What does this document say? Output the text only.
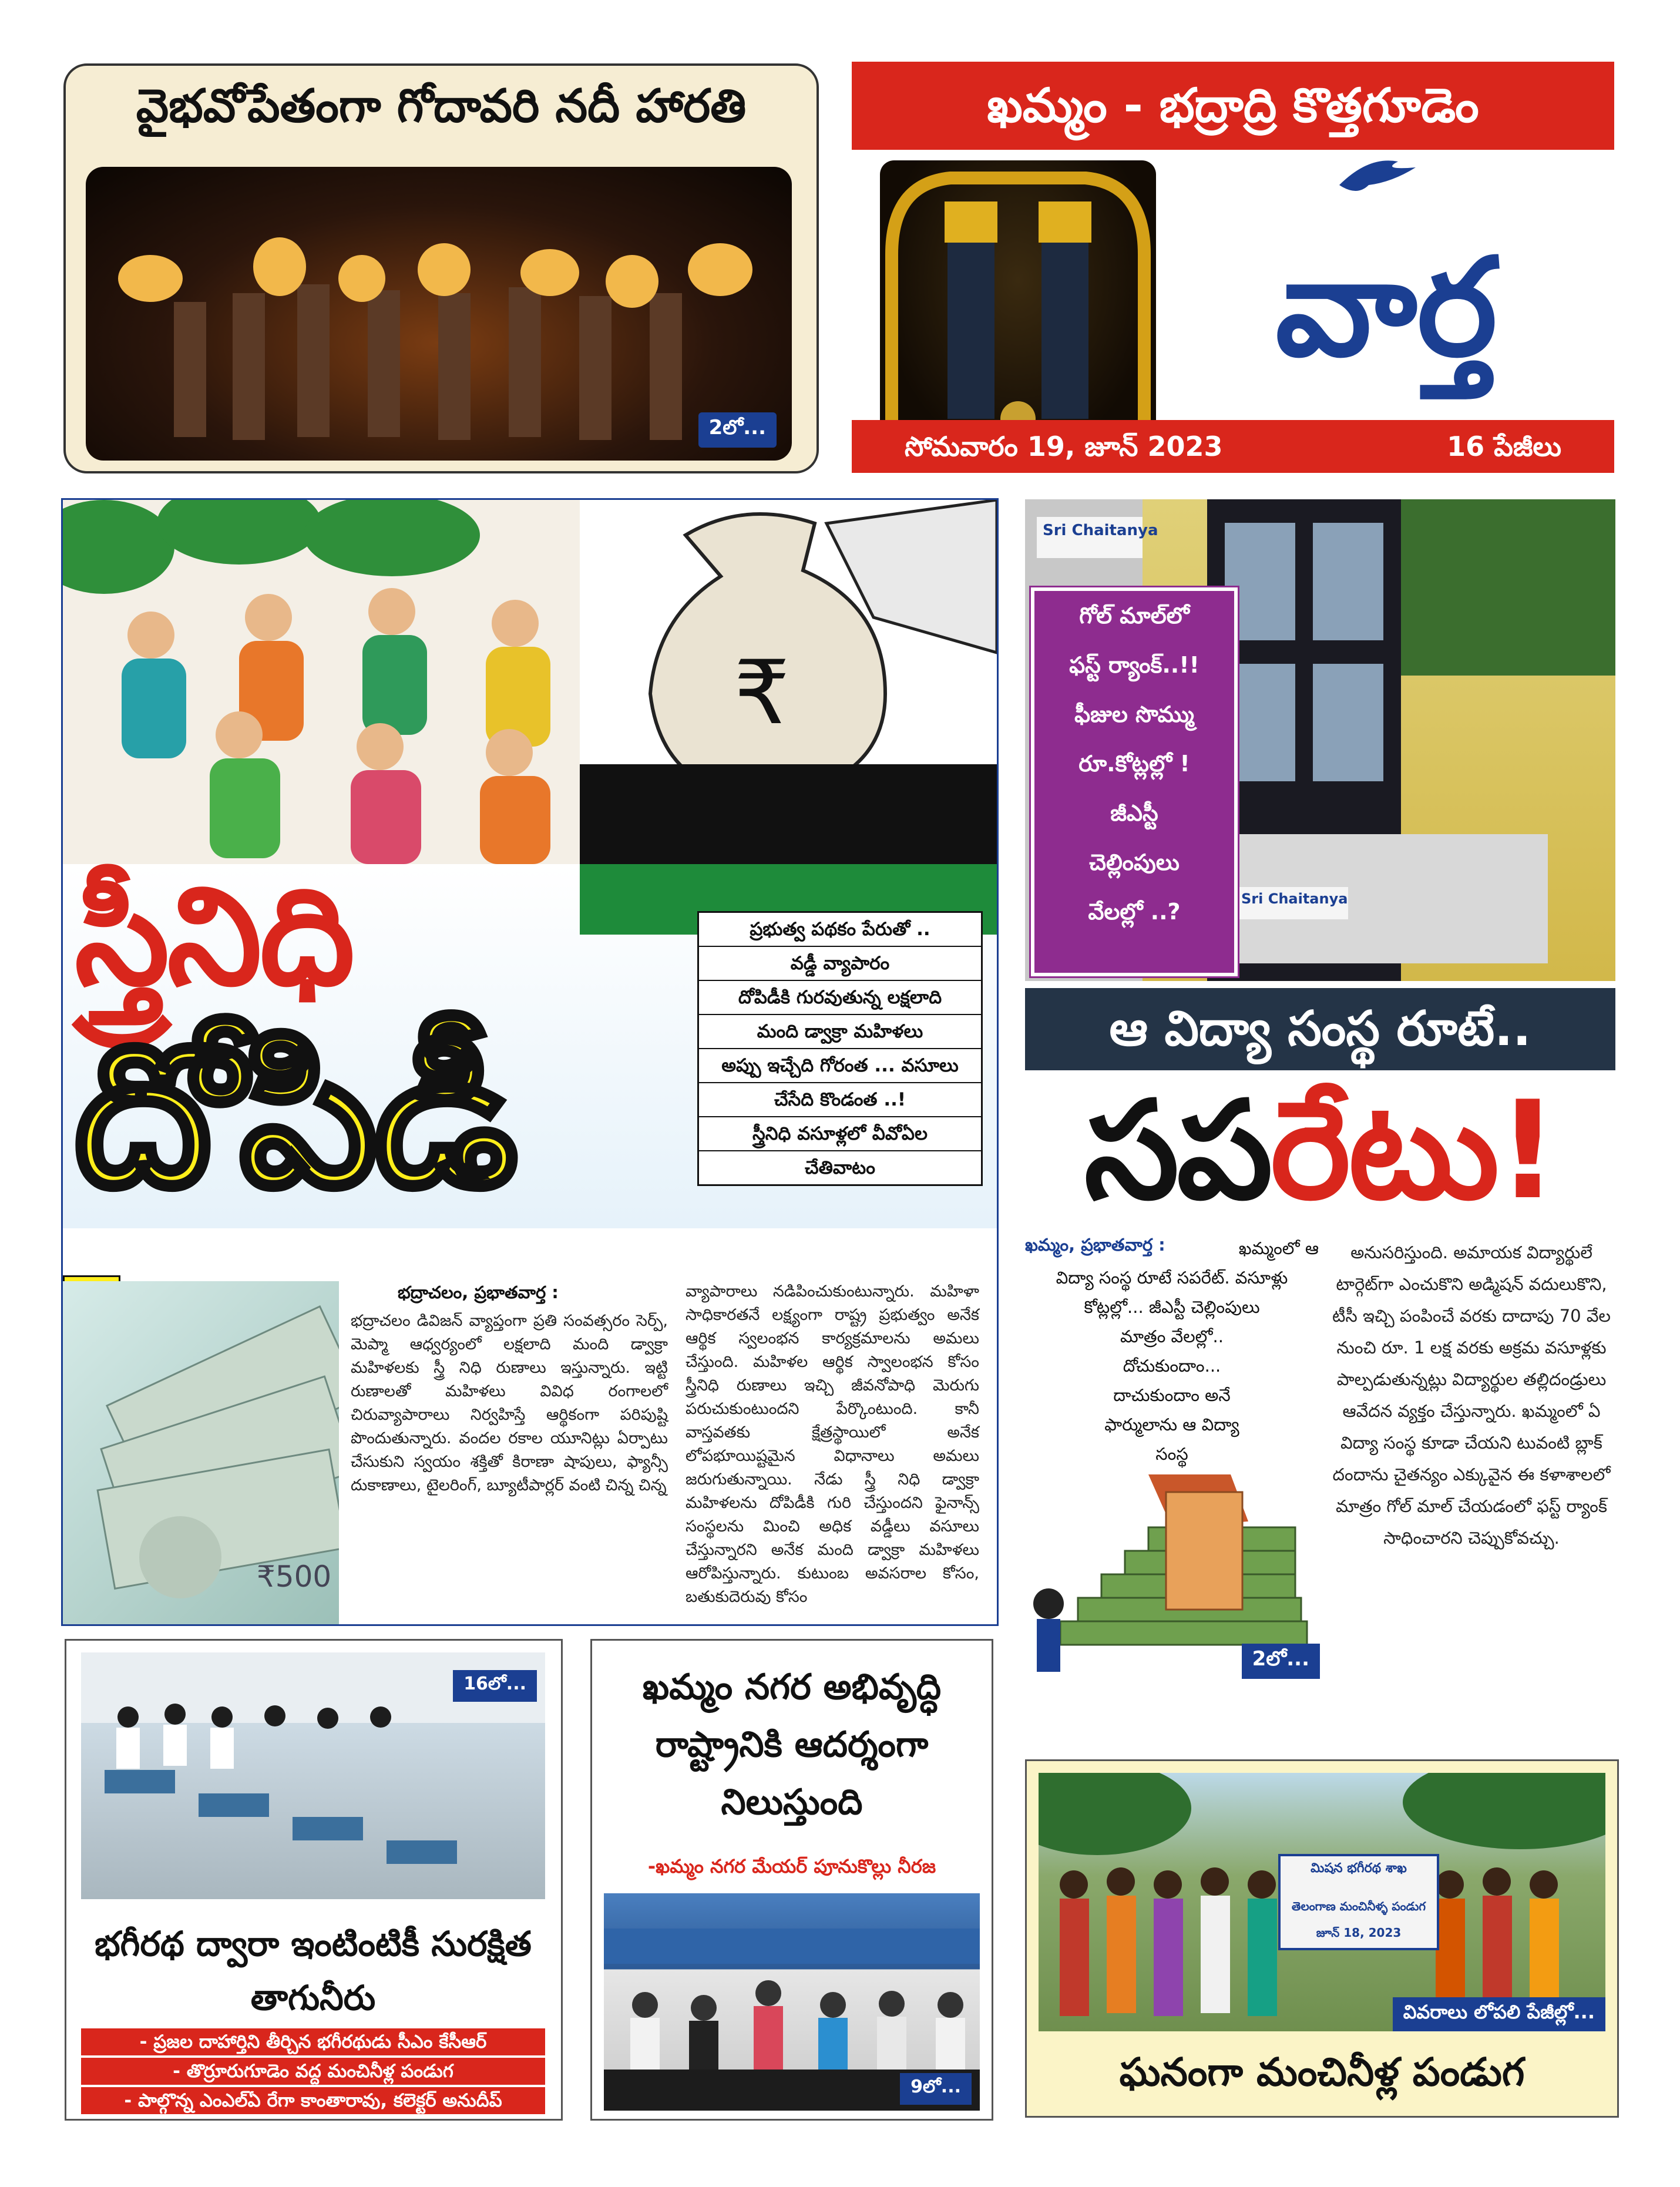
వైభవోపేతంగా గోదావరి నదీ హారతి
2లో...
ఖమ్మం - భద్రాద్రి కొత్తగూడెం
వార్త
సోమవారం 19, జూన్ 2023	16 పేజీలు
₹
స్త్రీనిధి
దోపిడీ
ప్రభుత్వ పథకం పేరుతో ..
వడ్డీ వ్యాపారం
దోపిడీకి గురవుతున్న లక్షలాది
మంది డ్వాక్రా మహిళలు
అప్పు ఇచ్చేది గోరంత ... వసూలు
చేసేది కొండంత ..!
స్త్రీనిధి వసూళ్లలో వీవోఏల
చేతివాటం
₹500
భద్రాచలం, ప్రభాతవార్త :
భద్రాచలం డివిజన్ వ్యాప్తంగా ప్రతి సంవత్సరం సెర్ప్, మెప్మా ఆధ్వర్యంలో లక్షలాది మంది డ్వాక్రా మహిళలకు స్త్రీ నిధి రుణాలు ఇస్తున్నారు. ఇట్టి రుణాలతో మహిళలు వివిధ రంగాలలో చిరువ్యాపారాలు నిర్వహిస్తే ఆర్థికంగా పరిపుష్టి పొందుతున్నారు. వందల రకాల యూనిట్లు ఏర్పాటు చేసుకుని స్వయం శక్తితో కిరాణా షాపులు, ఫ్యాన్సీ దుకాణాలు, టైలరింగ్, బ్యూటీపార్లర్ వంటి చిన్న చిన్న
వ్యాపారాలు నడిపించుకుంటున్నారు. మహిళా సాధికారతనే లక్ష్యంగా రాష్ట్ర ప్రభుత్వం అనేక ఆర్థిక స్వలంభన కార్యక్రమాలను అమలు చేస్తుంది. మహిళల ఆర్థిక స్వాలంభన కోసం స్త్రీనిధి రుణాలు ఇచ్చి జీవనోపాధి మెరుగు పరుచుకుంటుందని పేర్కొంటుంది. కానీ వాస్తవతకు క్షేత్రస్థాయిలో అనేక లోపభూయిష్టమైన విధానాలు అమలు జరుగుతున్నాయి. నేడు స్త్రీ నిధి డ్వాక్రా మహిళలను దోపిడీకి గురి చేస్తుందని ఫైనాన్స్ సంస్థలను మించి అధిక వడ్డీలు వసూలు చేస్తున్నారని అనేక మంది డ్వాక్రా మహిళలు ఆరోపిస్తున్నారు. కుటుంబ అవసరాల కోసం, బతుకుదెరువు కోసం
Sri Chaitanya
Sri Chaitanya
గోల్ మాల్‌లో
ఫస్ట్ ర్యాంక్..!!
ఫీజుల సొమ్ము
రూ.కోట్లల్లో !
జీఎస్టీ
చెల్లింపులు
వేలల్లో ..?
ఆ విద్యా సంస్థ రూటే..
సపరేటు!
ఖమ్మం, ప్రభాతవార్త :	ఖమ్మంలో ఆ
విద్యా సంస్థ రూటే సపరేట్. వసూళ్లు
కోట్లల్లో... జీఎస్టీ చెల్లింపులు
మాత్రం వేలల్లో..
దోచుకుందాం...
దాచుకుందాం అనే
ఫార్ములాను ఆ విద్యా
సంస్థ
2లో...
అనుసరిస్తుంది. అమాయక విద్యార్థులే టార్గెట్‌గా ఎంచుకొని అడ్మిషన్ వదులుకొని, టీసీ ఇచ్చి పంపించే వరకు దాదాపు 70 వేల నుంచి రూ. 1 లక్ష వరకు అక్రమ వసూళ్లకు పాల్పడుతున్నట్లు విద్యార్థుల తల్లిదండ్రులు ఆవేదన వ్యక్తం చేస్తున్నారు. ఖమ్మంలో ఏ విద్యా సంస్థ కూడా చేయని టువంటి బ్లాక్ దందాను చైతన్యం ఎక్కువైన ఈ కళాశాలలో మాత్రం గోల్ మాల్ చేయడంలో ఫస్ట్ ర్యాంక్ సాధించారని చెప్పుకోవచ్చు.
16లో...
భగీరథ ద్వారా ఇంటింటికీ సురక్షిత తాగునీరు
- ప్రజల దాహార్తిని తీర్చిన భగీరథుడు సీఎం కేసీఆర్
- తొర్రూరుగూడెం వద్ద మంచినీళ్ల పండుగ
- పాల్గొన్న ఎంఎల్ఏ రేగా కాంతారావు, కలెక్టర్ అనుదీప్
ఖమ్మం నగర అభివృద్ధి రాష్ట్రానికి ఆదర్శంగా నిలుస్తుంది
-ఖమ్మం నగర మేయర్ పూనుకొల్లు నీరజ
9లో...
మిషన భగీరథ శాఖ
తెలంగాణ మంచినీళ్ళ పండుగ
జూన్ 18, 2023
వివరాలు లోపలి పేజీల్లో...
ఘనంగా మంచినీళ్ల పండుగ
